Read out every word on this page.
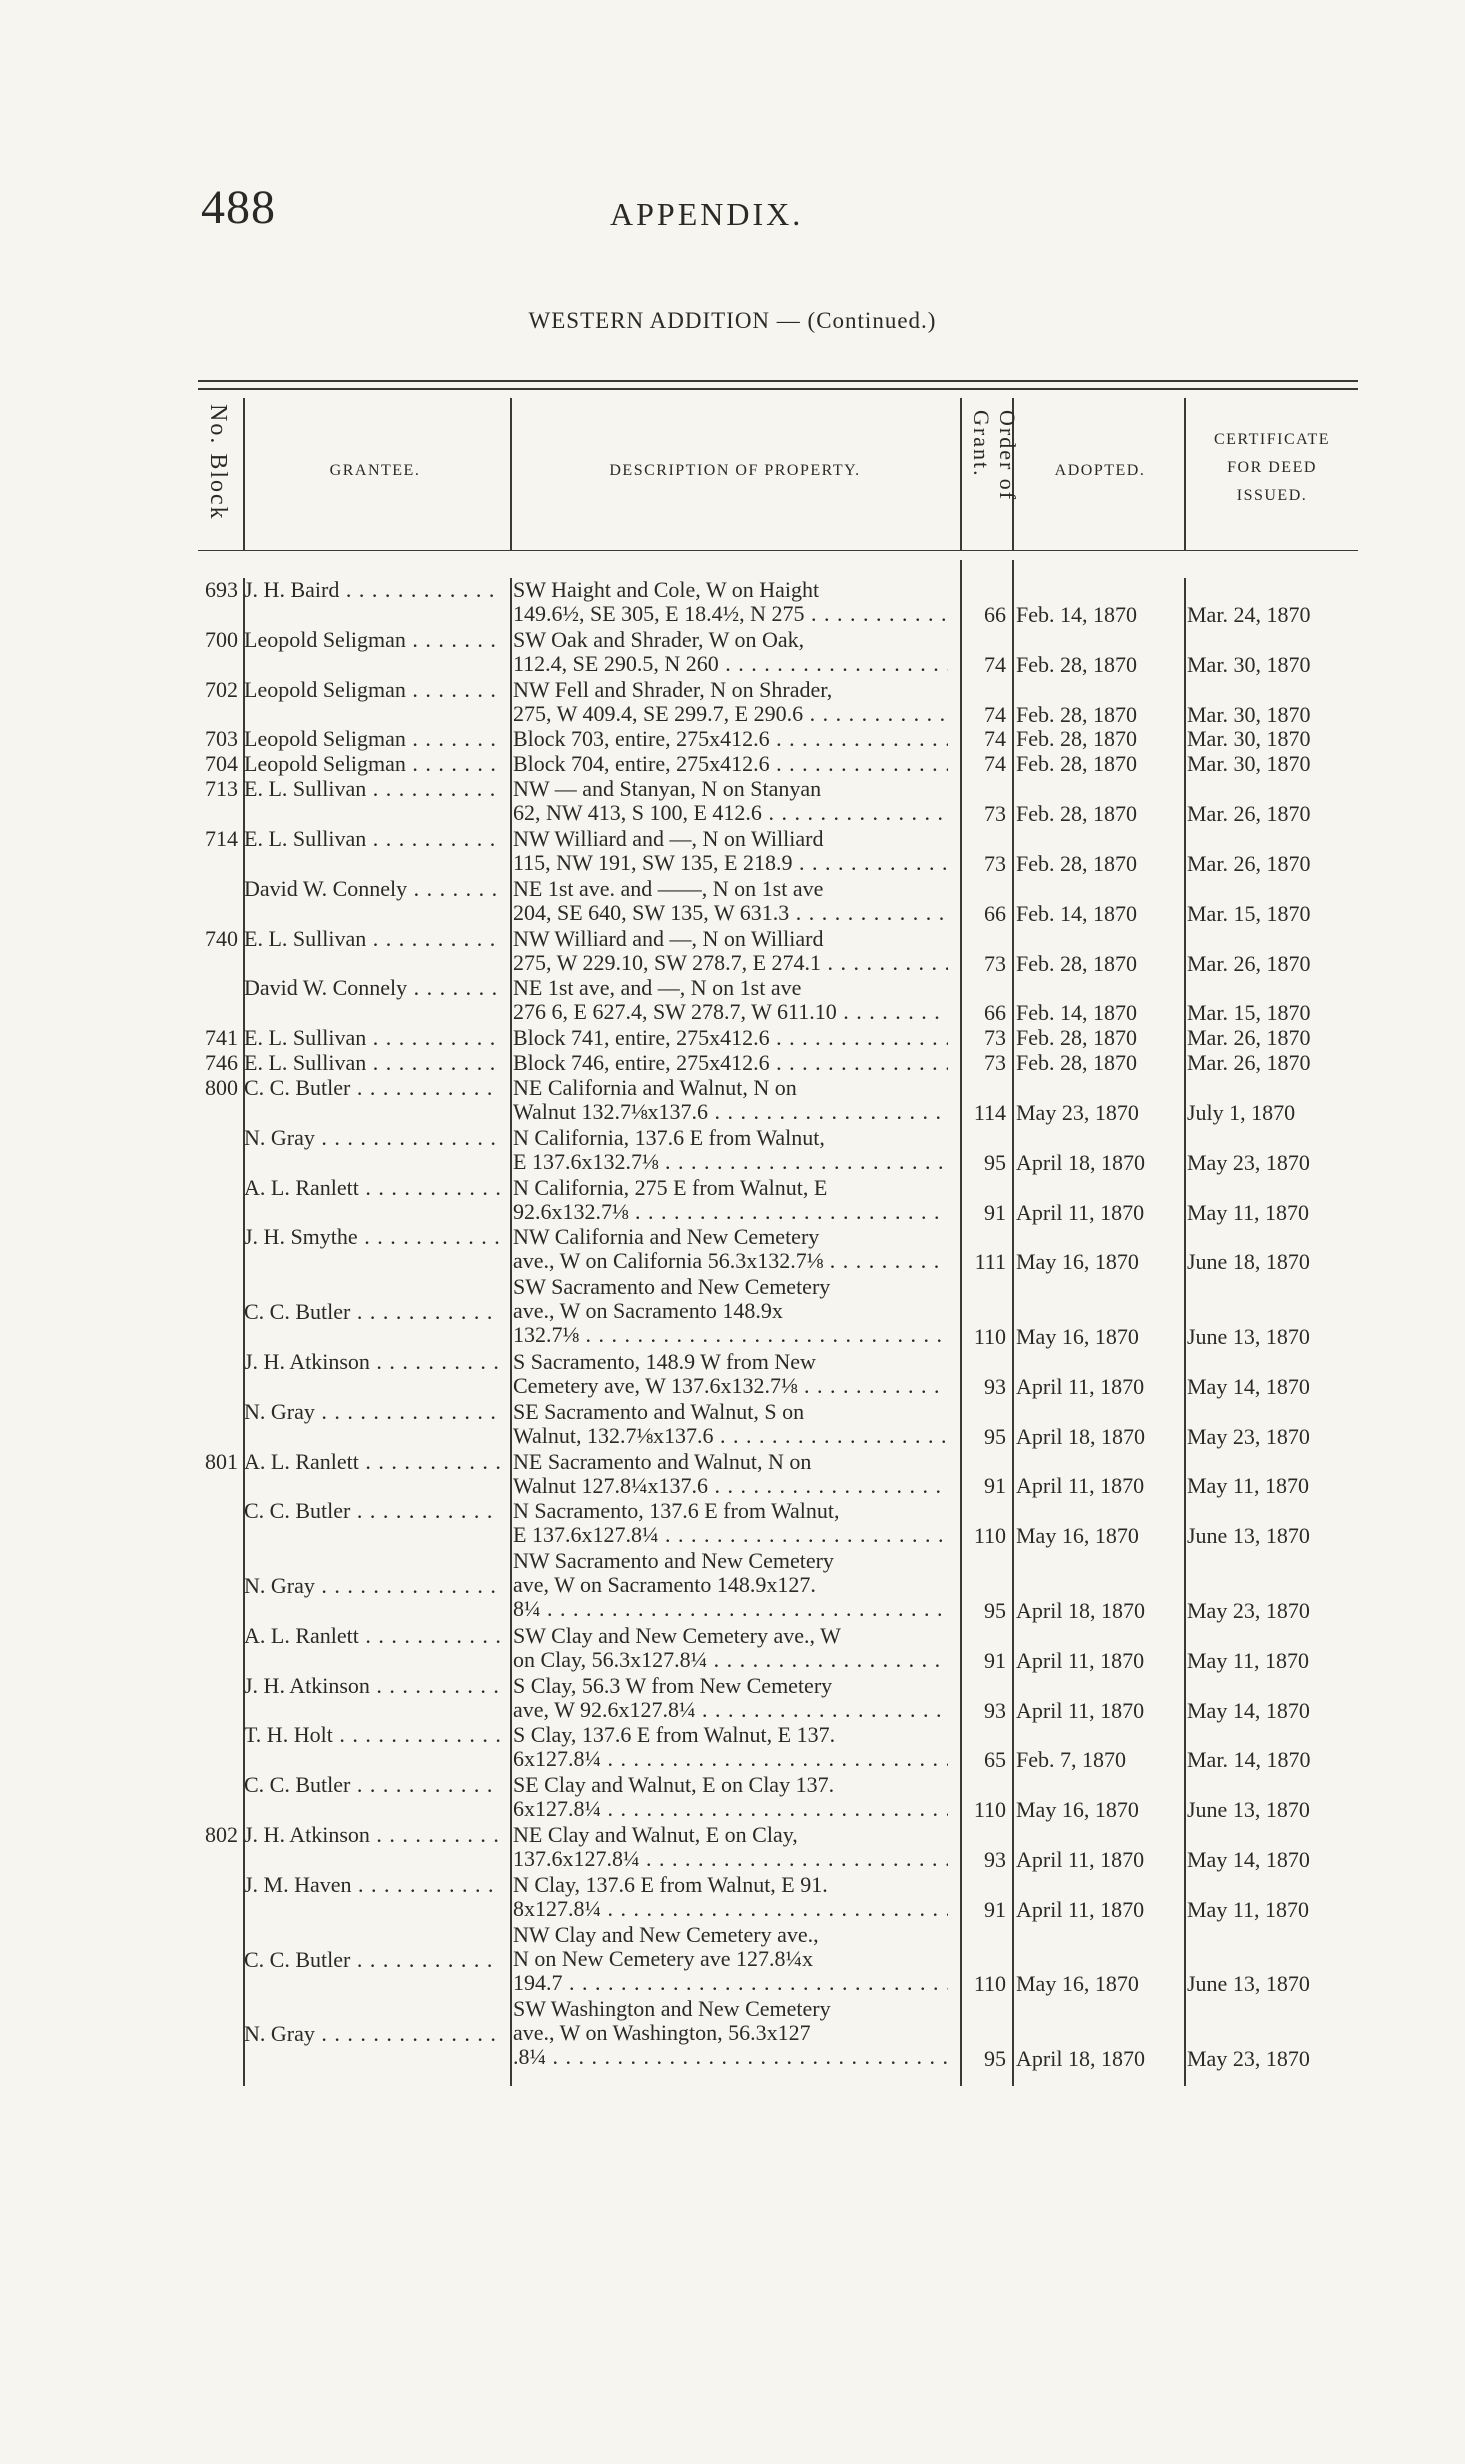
488	APPENDIX.
WESTERN ADDITION — (Continued.)
No. Block	GRANTEE.	DESCRIPTION OF PROPERTY.	Order of Grant.	ADOPTED.
CERTIFICATE FOR DEED ISSUED.
693 J. H. Baird . . .	SW Haight and Cole, W on Haight
149.6½, SE 305, E 18.4½, N 275 . . .	66 Feb. 14, 1870	Mar. 24, 1870
700 Leopold Seligman . . .	SW Oak and Shrader, W on Oak,
112.4, SE 290.5, N 260 . . .	74 Feb. 28, 1870	Mar. 30, 1870
702 Leopold Seligman . . .	NW Fell and Shrader, N on Shrader,
275, W 409.4, SE 299.7, E 290.6 . . .	74 Feb. 28, 1870	Mar. 30, 1870
703 Leopold Seligman . . .	Block 703, entire, 275x412.6 . . .	74 Feb. 28, 1870	Mar. 30, 1870
704 Leopold Seligman . . .	Block 704, entire, 275x412.6 . . .	74 Feb. 28, 1870	Mar. 30, 1870
713 E. L. Sullivan . . .	NW — and Stanyan, N on Stanyan
62, NW 413, S 100, E 412.6 . . .	73 Feb. 28, 1870	Mar. 26, 1870
714 E. L. Sullivan . . .	NW Williard and —, N on Williard
115, NW 191, SW 135, E 218.9 . . .	73 Feb. 28, 1870	Mar. 26, 1870
David W. Connely . . .	NE 1st ave. and ——, N on 1st ave
204, SE 640, SW 135, W 631.3 . . .	66 Feb. 14, 1870	Mar. 15, 1870
740 E. L. Sullivan . . .	NW Williard and —, N on Williard
275, W 229.10, SW 278.7, E 274.1 . . .	73 Feb. 28, 1870	Mar. 26, 1870
David W. Connely . . .	NE 1st ave, and —, N on 1st ave
276 6, E 627.4, SW 278.7, W 611.10 . . .	66 Feb. 14, 1870	Mar. 15, 1870
741 E. L. Sullivan . . .	Block 741, entire, 275x412.6 . . .	73 Feb. 28, 1870	Mar. 26, 1870
746 E. L. Sullivan . . .	Block 746, entire, 275x412.6 . . .	73 Feb. 28, 1870	Mar. 26, 1870
800 C. C. Butler . . .	NE California and Walnut, N on
Walnut 132.7⅛x137.6 . . .	114 May 23, 1870	July 1, 1870
N. Gray . . .	N California, 137.6 E from Walnut,
E 137.6x132.7⅛ . . .	95 April 18, 1870	May 23, 1870
A. L. Ranlett . . .	N California, 275 E from Walnut, E
92.6x132.7⅛ . . .	91 April 11, 1870	May 11, 1870
J. H. Smythe . . .	NW California and New Cemetery
ave., W on California 56.3x132.7⅛ . . .	111 May 16, 1870	June 18, 1870
C. C. Butler . . .
SW Sacramento and New Cemetery
ave., W on Sacramento 148.9x
132.7⅛ . . .	110 May 16, 1870	June 13, 1870
J. H. Atkinson . . .	S Sacramento, 148.9 W from New
Cemetery ave, W 137.6x132.7⅛ . . .	93 April 11, 1870	May 14, 1870
N. Gray . . .	SE Sacramento and Walnut, S on
Walnut, 132.7⅛x137.6 . . .	95 April 18, 1870	May 23, 1870
801 A. L. Ranlett . . .	NE Sacramento and Walnut, N on
Walnut 127.8¼x137.6 . . .	91 April 11, 1870	May 11, 1870
C. C. Butler . . .	N Sacramento, 137.6 E from Walnut,
E 137.6x127.8¼ . . .	110 May 16, 1870	June 13, 1870
N. Gray . . .
NW Sacramento and New Cemetery
ave, W on Sacramento 148.9x127.
8¼ . . .	95 April 18, 1870	May 23, 1870
A. L. Ranlett . . .	SW Clay and New Cemetery ave., W
on Clay, 56.3x127.8¼ . . .	91 April 11, 1870	May 11, 1870
J. H. Atkinson . . .	S Clay, 56.3 W from New Cemetery
ave, W 92.6x127.8¼ . . .	93 April 11, 1870	May 14, 1870
T. H. Holt . . .	S Clay, 137.6 E from Walnut, E 137.
6x127.8¼ . . .	65 Feb. 7, 1870	Mar. 14, 1870
C. C. Butler . . .	SE Clay and Walnut, E on Clay 137.
6x127.8¼ . . .	110 May 16, 1870	June 13, 1870
802 J. H. Atkinson . . .	NE Clay and Walnut, E on Clay,
137.6x127.8¼ . . .	93 April 11, 1870	May 14, 1870
J. M. Haven . . .	N Clay, 137.6 E from Walnut, E 91.
8x127.8¼ . . .	91 April 11, 1870	May 11, 1870
C. C. Butler . . .
NW Clay and New Cemetery ave.,
N on New Cemetery ave 127.8¼x
194.7 . . .	110 May 16, 1870	June 13, 1870
N. Gray . . .
SW Washington and New Cemetery
ave., W on Washington, 56.3x127
.8¼ . . .	95 April 18, 1870	May 23, 1870
